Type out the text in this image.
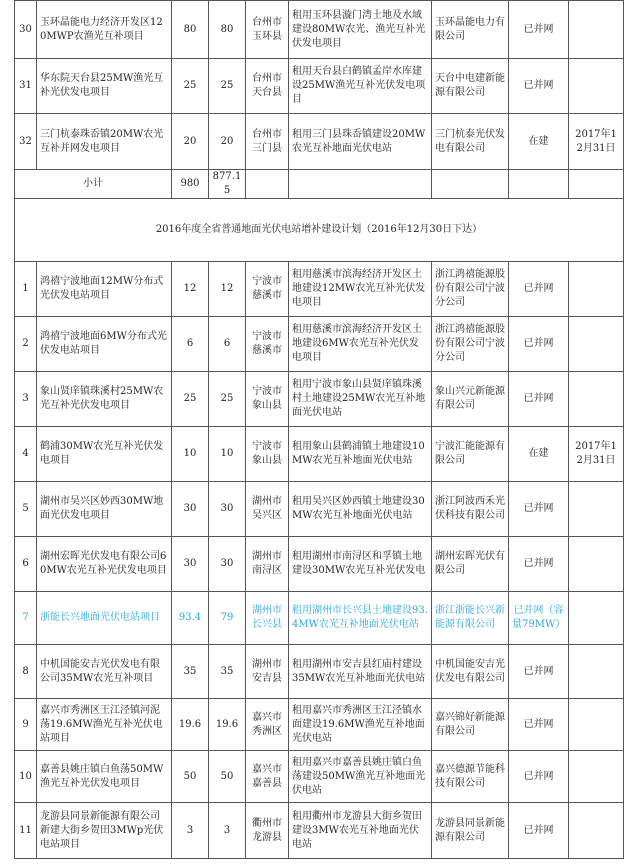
30	玉环晶能电力经济开发区120MWP农渔光互补项目	80	80	台州市玉环县	租用玉环县漩门湾土地及水域建设80MW农光、渔光互补光伏发电项目	玉环晶能电力有限公司	已并网	
31	华东院天台县25MW渔光互补光伏发电项目	25	25	台州市天台县	租用天台县白鹤镇孟岸水库建设25MW渔光互补光伏发电项目	天台中电建新能源有限公司	已并网	
32	三门杭泰珠岙镇20MW农光互补并网发电项目	20	20	台州市三门县	租用三门县珠岙镇建设20MW农光互补地面光伏电站	三门杭泰光伏发电有限公司	在建	2017年12月31日
小计		980	877.15					
2016年度全省普通地面光伏电站增补建设计划（2016年12月30日下达）								
1	鸿禧宁波地面12MW分布式光伏发电站项目	12	12	宁波市慈溪市	租用慈溪市滨海经济开发区土地建设12MW农光互补光伏发电项目	浙江鸿禧能源股份有限公司宁波分公司	已并网	
2	鸿禧宁波地面6MW分布式光伏发电站项目	6	6	宁波市慈溪市	租用慈溪市滨海经济开发区土地建设6MW农光互补光伏发电项目	浙江鸿禧能源股份有限公司宁波分公司	已并网	
3	象山贤庠镇珠溪村25MW农光互补光伏发电项目	25	25	宁波市象山县	租用宁波市象山县贤庠镇珠溪村土地建设25MW农光互补地面光伏电站	象山兴元新能源有限公司	已并网	
4	鹤浦30MW农光互补光伏发电项目	10	10	宁波市象山县	租用象山县鹤浦镇土地建设10MW农光互补地面光伏电站	宁波汇能能源有限公司	在建	2017年12月31日
5	湖州市吴兴区妙西30MW地面光伏发电项目	30	30	湖州市吴兴区	租用吴兴区妙西镇土地建设30MW农光互补地面光伏电站	浙江阿波西禾光伏科技有限公司	已并网	
6	湖州宏晖光伏发电有限公司60MW农光互补光伏发电项目	30	30	湖州市南浔区	租用湖州市南浔区和孚镇土地建设30MW农光互补光伏发电	湖州宏晖光伏有限公司	已并网	
7	浙能长兴地面光伏电站项目	93.4	79	湖州市长兴县	租用湖州市长兴县土地建设93.4MW农光互补地面光伏电站	浙江浙能长兴新能源有限公司	已并网（容量79MW）	
8	中机国能安吉光伏发电有限公司35MW农光互补项目	35	35	湖州市安吉县	租用湖州市安吉县红庙村建设35MW农光互补地面光伏电站	中机国能安吉光伏发电有限公司	已并网	
9	嘉兴市秀洲区王江泾镇河泥荡19.6MW渔光互补光伏电站项目	19.6	19.6	嘉兴市秀洲区	租用嘉兴市秀洲区王江泾镇水面建设19.6MW渔光互补地面光伏电站	嘉兴锦好新能源有限公司	已并网	
10	嘉善县姚庄镇白鱼荡50MW渔光互补光伏发电项目	50	50	嘉兴市嘉善县	租用嘉兴市嘉善县姚庄镇白鱼荡建设50MW渔光互补地面光伏电站	嘉兴德源节能科技有限公司	已并网	
11	龙游县同景新能源有限公司新建大街乡贺田3MWp光伏电站项目	3	3	衢州市龙游县	租用衢州市龙游县大街乡贺田建设3MW农光互补地面光伏电站	龙游县同景新能源有限公司	已并网	
